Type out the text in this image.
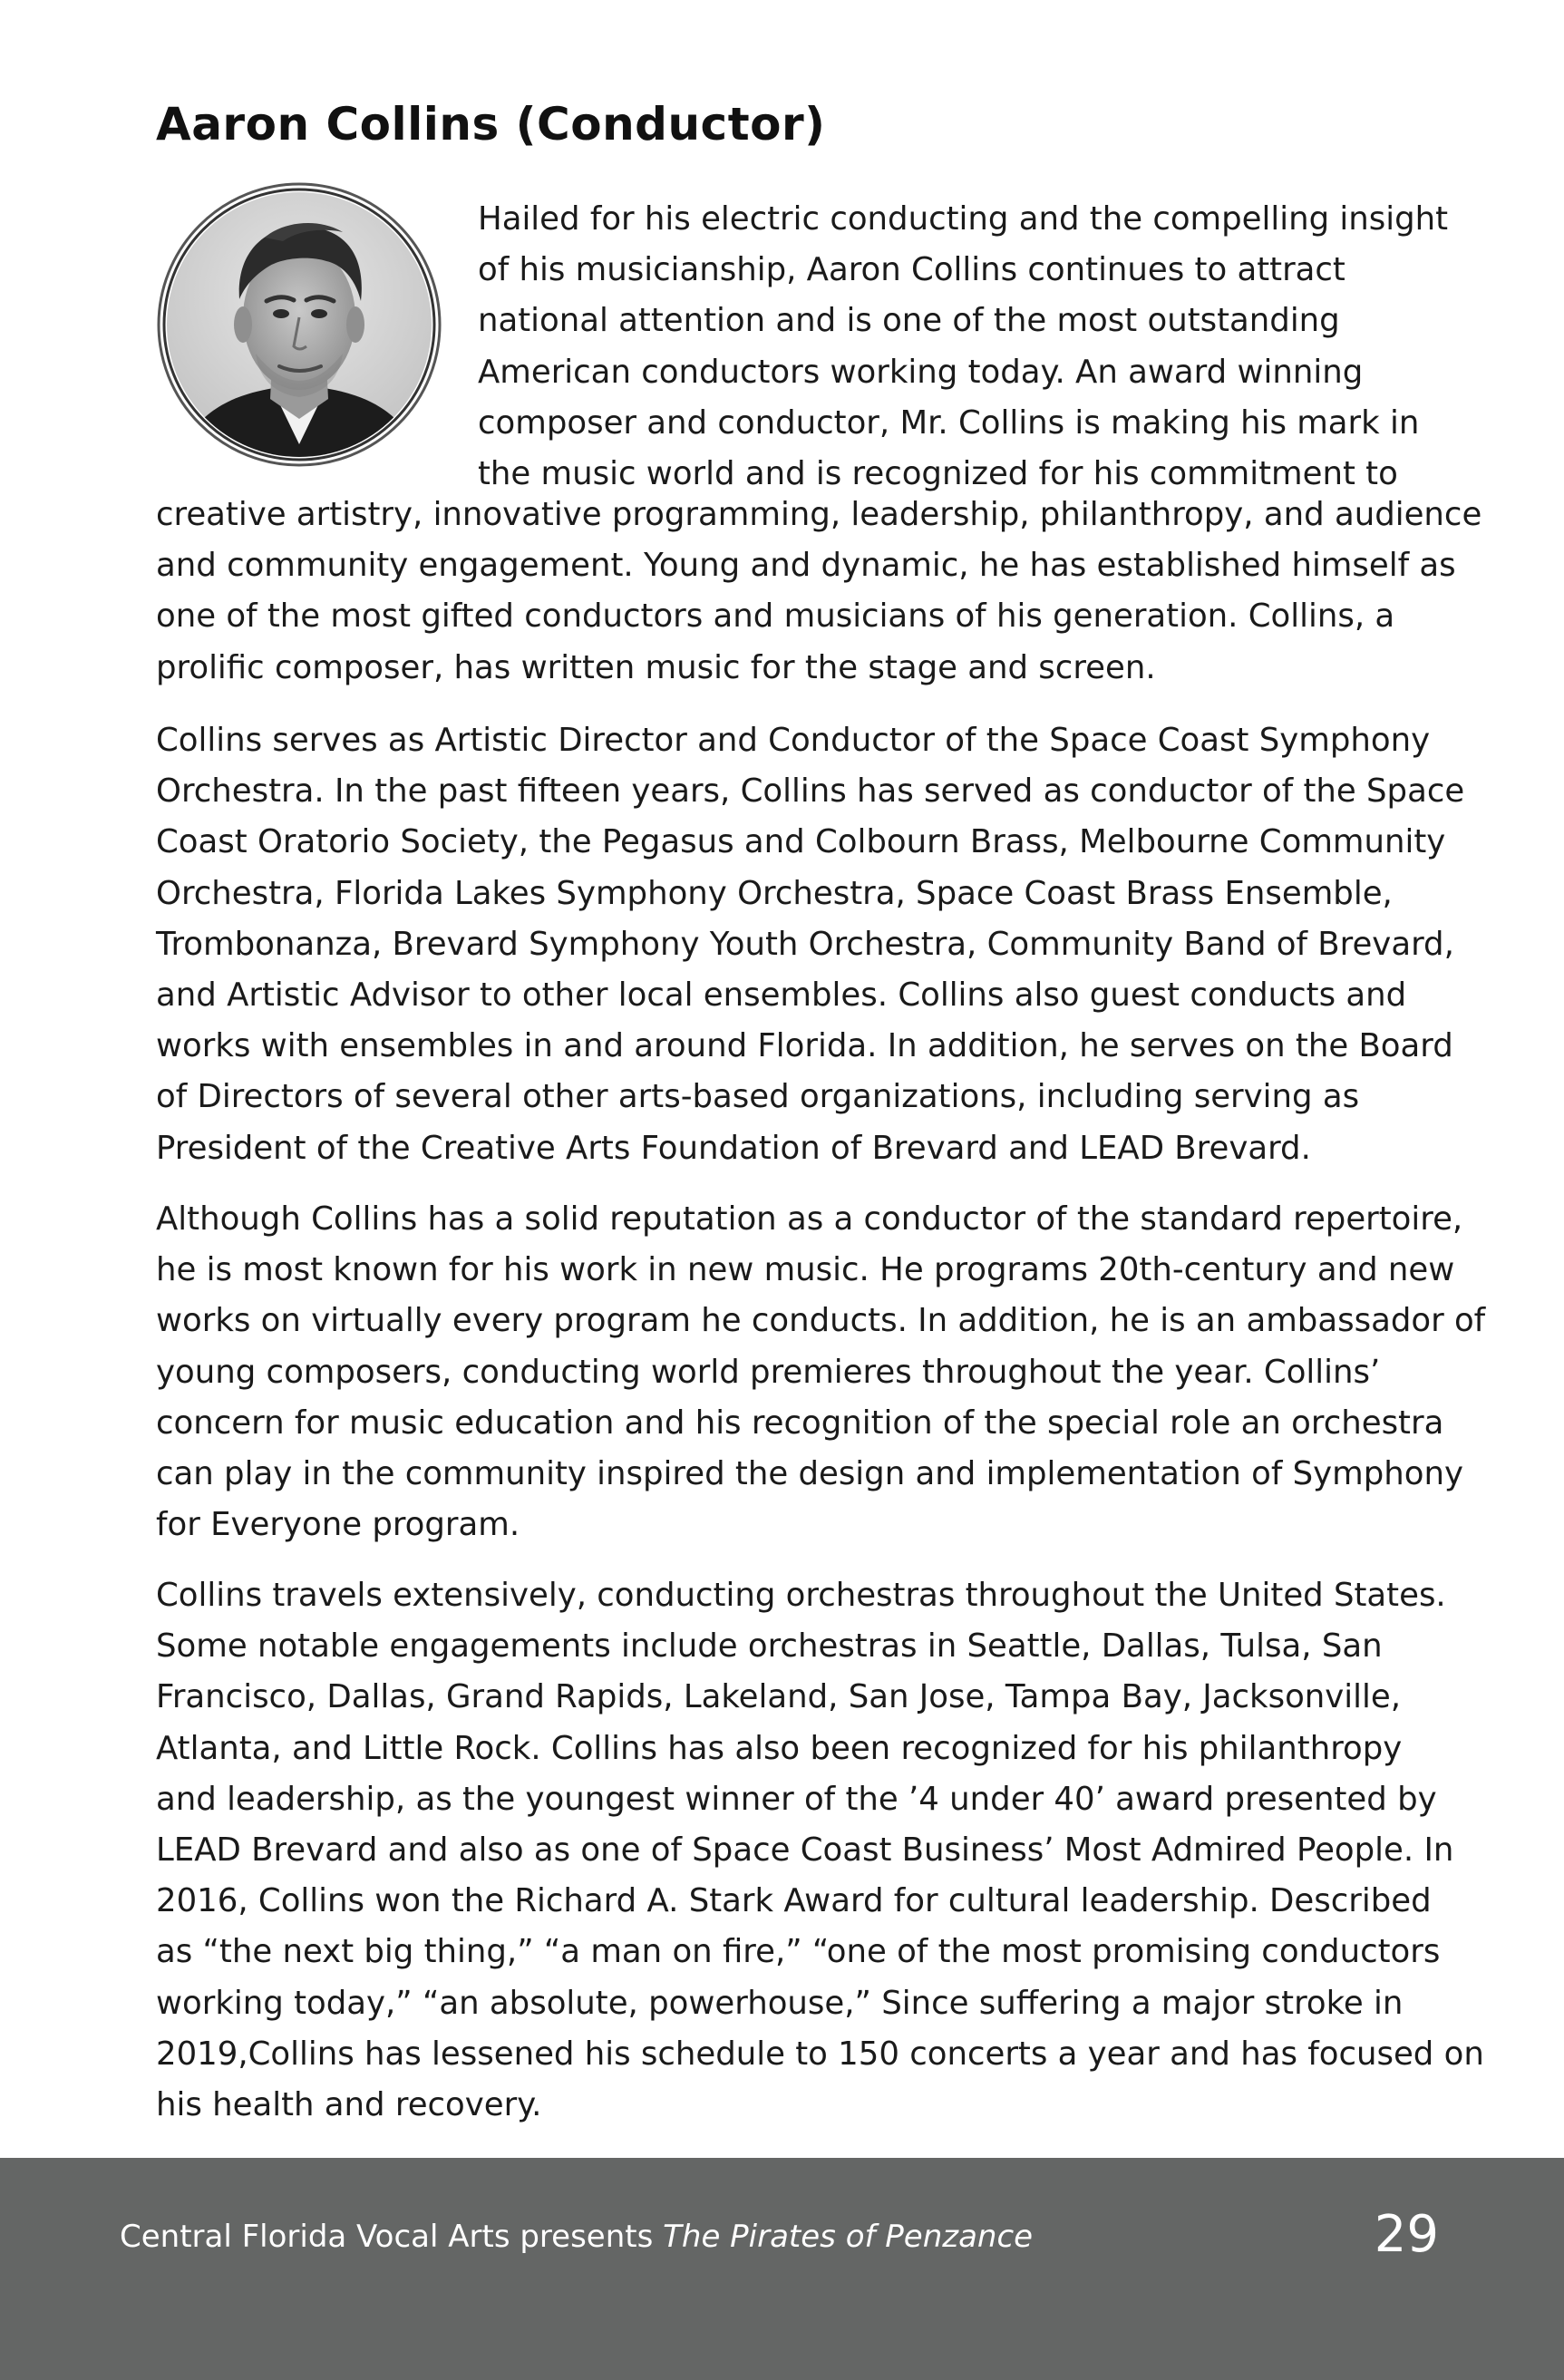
Aaron Collins (Conductor)

Hailed for his electric conducting and the compelling insight
of his musicianship, Aaron Collins continues to attract
national attention and is one of the most outstanding
American conductors working today. An award winning
composer and conductor, Mr. Collins is making his mark in
the music world and is recognized for his commitment to

creative artistry, innovative programming, leadership, philanthropy, and audience
and community engagement. Young and dynamic, he has established himself as
one of the most gifted conductors and musicians of his generation. Collins, a
prolific composer, has written music for the stage and screen.

Collins serves as Artistic Director and Conductor of the Space Coast Symphony
Orchestra. In the past fifteen years, Collins has served as conductor of the Space
Coast Oratorio Society, the Pegasus and Colbourn Brass, Melbourne Community
Orchestra, Florida Lakes Symphony Orchestra, Space Coast Brass Ensemble,
Trombonanza, Brevard Symphony Youth Orchestra, Community Band of Brevard,
and Artistic Advisor to other local ensembles. Collins also guest conducts and
works with ensembles in and around Florida. In addition, he serves on the Board
of Directors of several other arts-based organizations, including serving as
President of the Creative Arts Foundation of Brevard and LEAD Brevard.

Although Collins has a solid reputation as a conductor of the standard repertoire,
he is most known for his work in new music. He programs 20th-century and new
works on virtually every program he conducts. In addition, he is an ambassador of
young composers, conducting world premieres throughout the year. Collins’
concern for music education and his recognition of the special role an orchestra
can play in the community inspired the design and implementation of Symphony
for Everyone program.

Collins travels extensively, conducting orchestras throughout the United States.
Some notable engagements include orchestras in Seattle, Dallas, Tulsa, San
Francisco, Dallas, Grand Rapids, Lakeland, San Jose, Tampa Bay, Jacksonville,
Atlanta, and Little Rock. Collins has also been recognized for his philanthropy
and leadership, as the youngest winner of the ’4 under 40’ award presented by
LEAD Brevard and also as one of Space Coast Business’ Most Admired People. In
2016, Collins won the Richard A. Stark Award for cultural leadership. Described
as “the next big thing,” “a man on fire,” “one of the most promising conductors
working today,” “an absolute, powerhouse,” Since suffering a major stroke in
2019,Collins has lessened his schedule to 150 concerts a year and has focused on
his health and recovery.

Central Florida Vocal Arts presents The Pirates of Penzance	29
